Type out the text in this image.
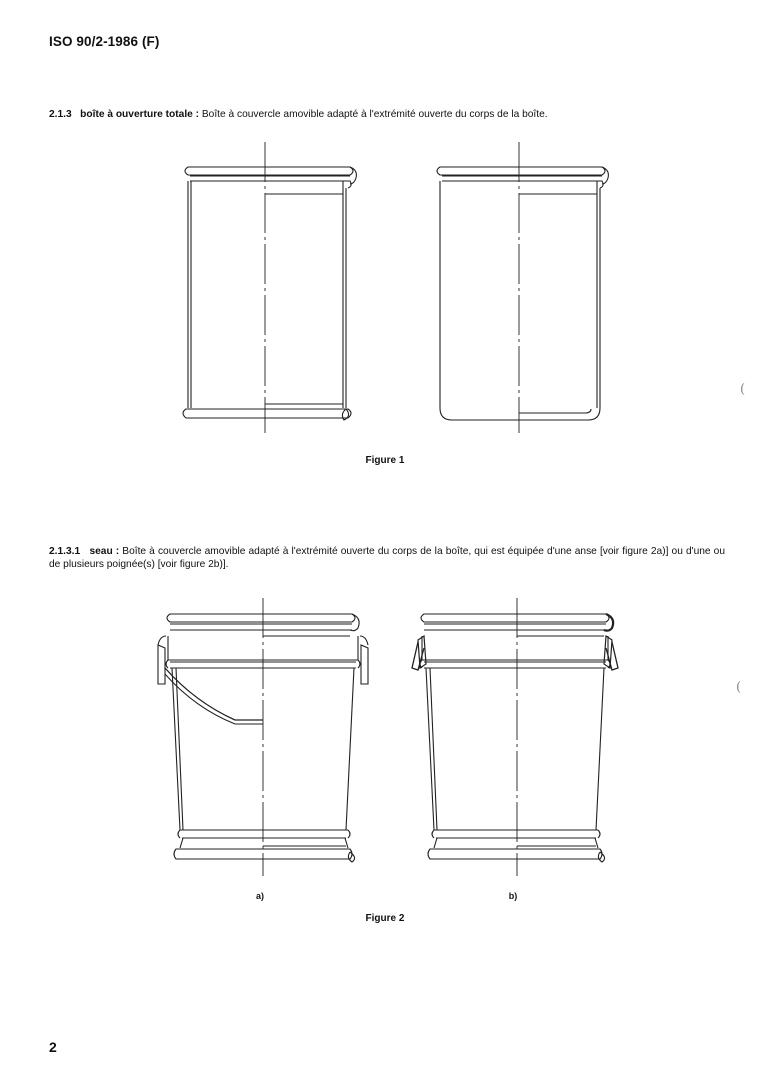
ISO 90/2-1986 (F)
2.1.3 boîte à ouverture totale : Boîte à couvercle amovible adapté à l'extrémité ouverte du corps de la boîte.
Figure 1
2.1.3.1 seau : Boîte à couvercle amovible adapté à l'extrémité ouverte du corps de la boîte, qui est équipée d'une anse [voir figure 2a)] ou d'une ou de plusieurs poignée(s) [voir figure 2b)].
a)	b)
Figure 2
(
(
2
